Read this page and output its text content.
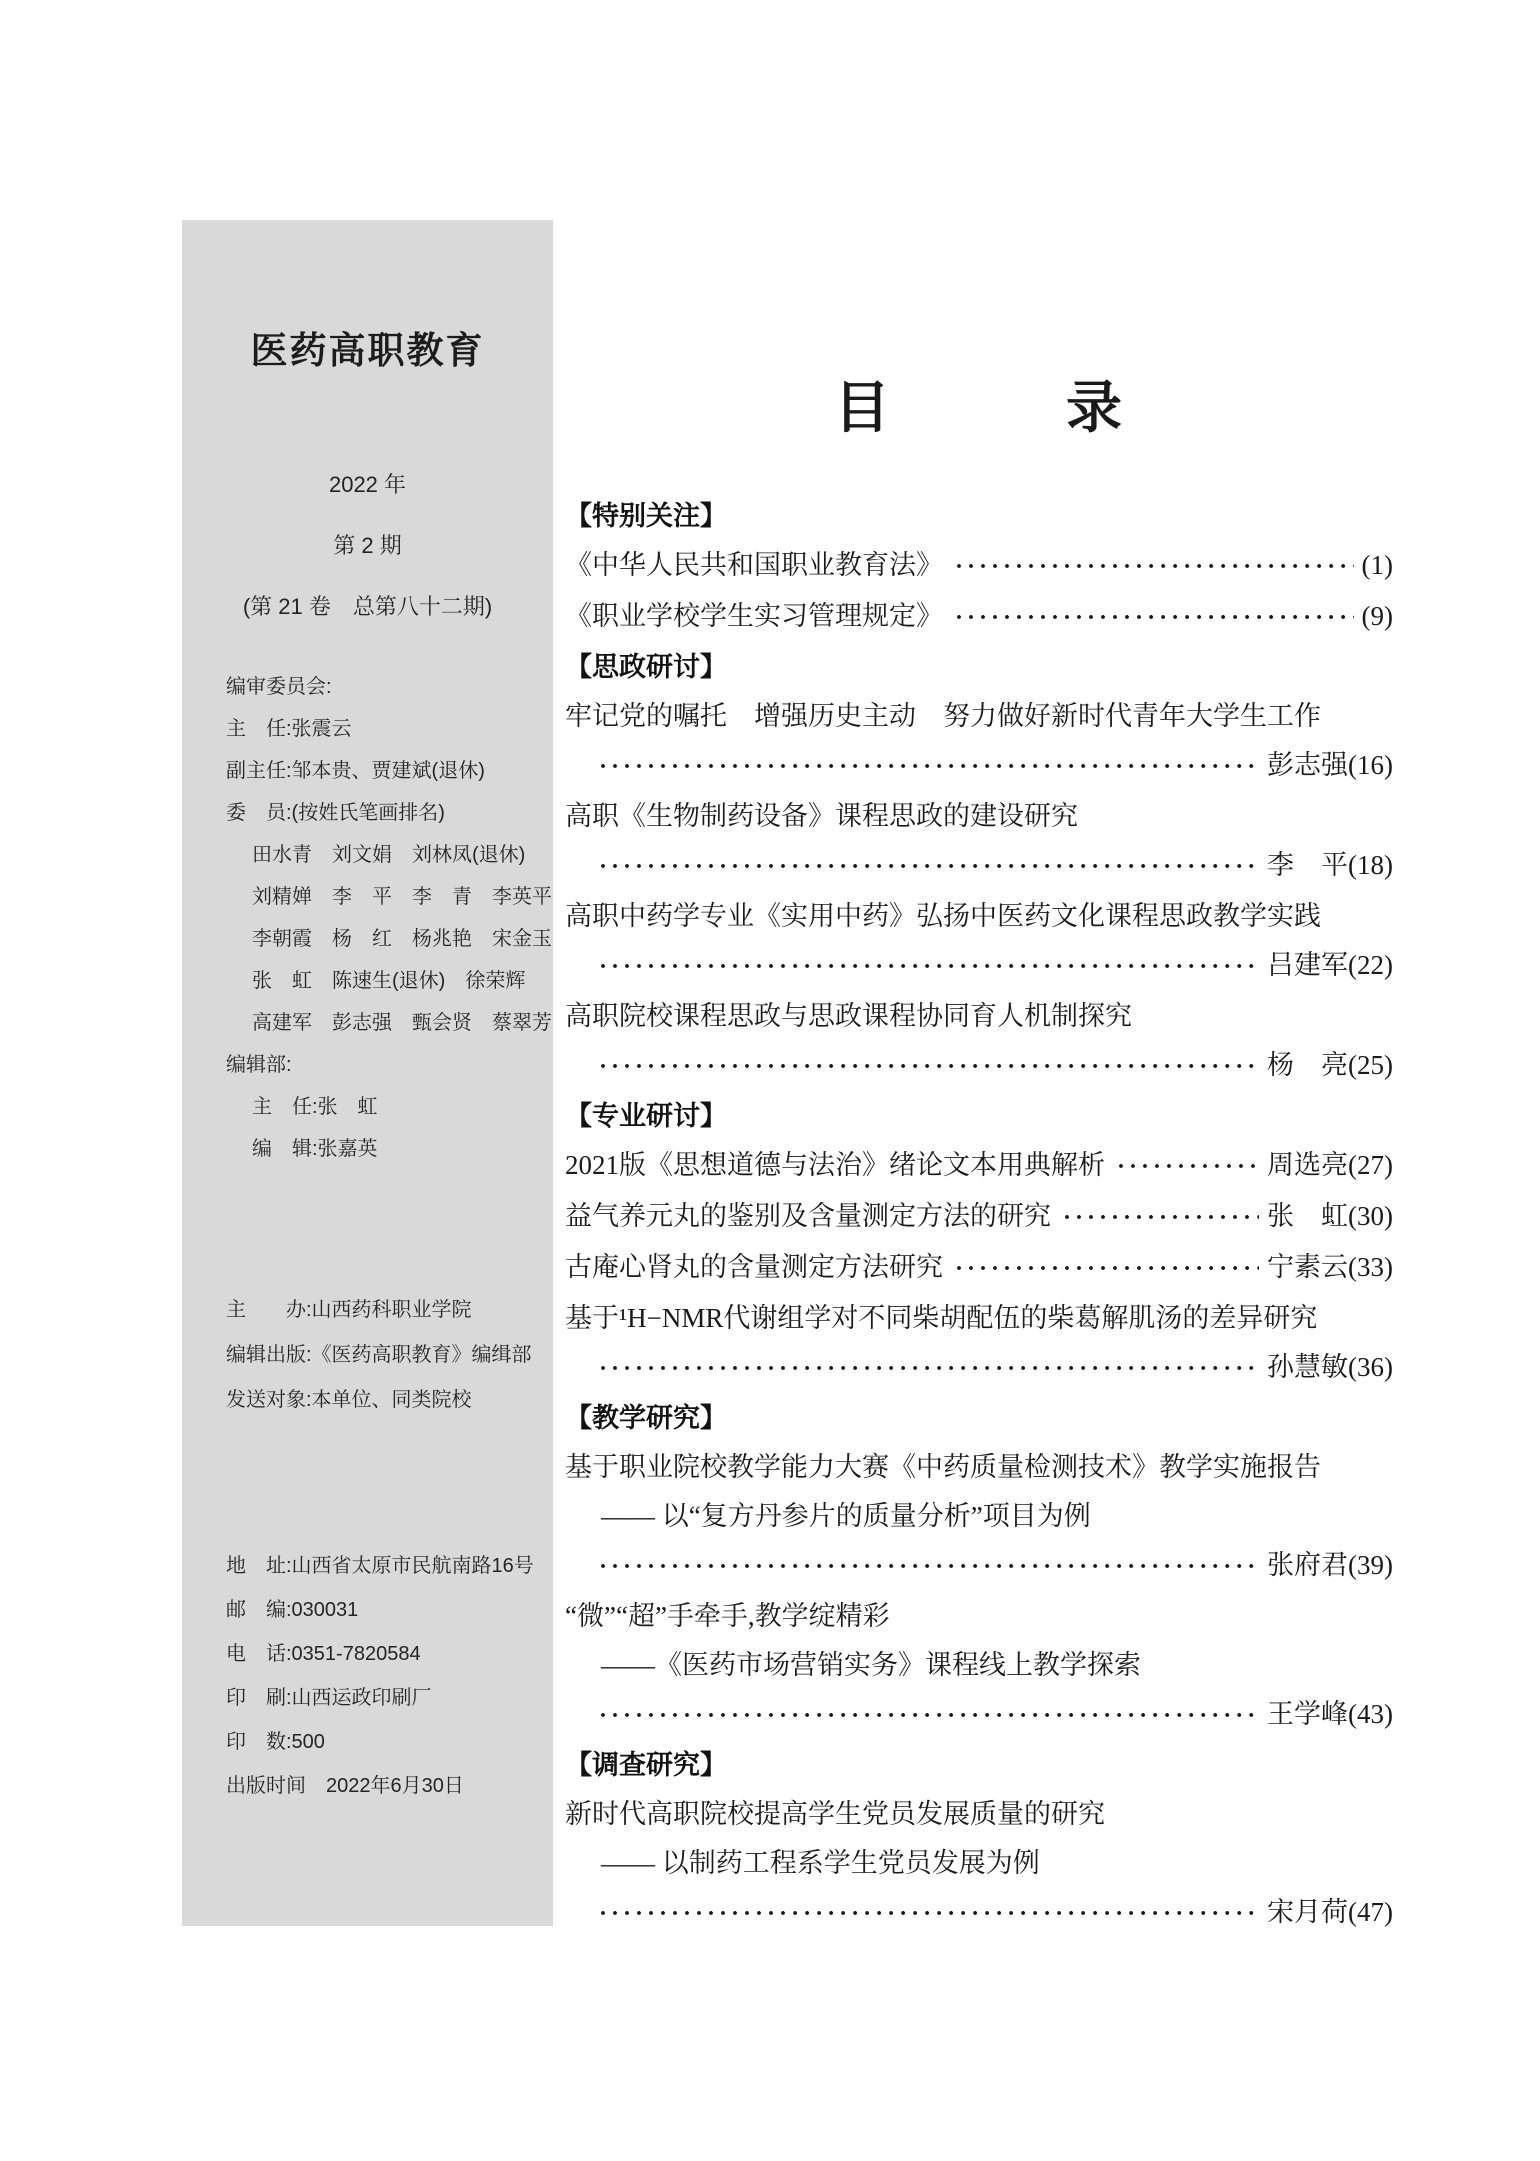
医药高职教育
2022 年
第 2 期
(第 21 卷　总第八十二期)
编审委员会:
主　任:张震云
副主任:邹本贵、贾建斌(退休)
委　员:(按姓氏笔画排名)
田水青　刘文娟　刘林凤(退休)
刘精婵　李　平　李　青　李英平
李朝霞　杨　红　杨兆艳　宋金玉
张　虹　陈速生(退休)　徐荣辉
高建军　彭志强　甄会贤　蔡翠芳
编辑部:
主　任:张　虹
编　辑:张嘉英
主　　办:山西药科职业学院
编辑出版:《医药高职教育》编缉部
发送对象:本单位、同类院校
地　址:山西省太原市民航南路16号
邮　编:030031
电　话:0351-7820584
印　刷:山西运政印刷厂
印　数:500
出版时间　2022年6月30日
目　　　录
【特别关注】
《中华人民共和国职业教育法》 ·····	(1)
《职业学校学生实习管理规定》 ·····	(9)
【思政研讨】
牢记党的嘱托　增强历史主动　努力做好新时代青年大学生工作
·····
彭志强(16)
高职《生物制药设备》课程思政的建设研究
·····
李　平(18)
高职中药学专业《实用中药》弘扬中医药文化课程思政教学实践
·····
吕建军(22)
高职院校课程思政与思政课程协同育人机制探究
·····
杨　亮(25)
【专业研讨】
2021版《思想道德与法治》绪论文本用典解析 ·····	周选亮(27)
益气养元丸的鉴别及含量测定方法的研究 ·····	张　虹(30)
古庵心肾丸的含量测定方法研究 ·····	宁素云(33)
基于¹H−NMR代谢组学对不同柴胡配伍的柴葛解肌汤的差异研究
·····
孙慧敏(36)
【教学研究】
基于职业院校教学能力大赛《中药质量检测技术》教学实施报告
—— 以“复方丹参片的质量分析”项目为例
·····
张府君(39)
“微”“超”手牵手,教学绽精彩
——《医药市场营销实务》课程线上教学探索
·····
王学峰(43)
【调查研究】
新时代高职院校提高学生党员发展质量的研究
—— 以制药工程系学生党员发展为例
·····
宋月荷(47)
